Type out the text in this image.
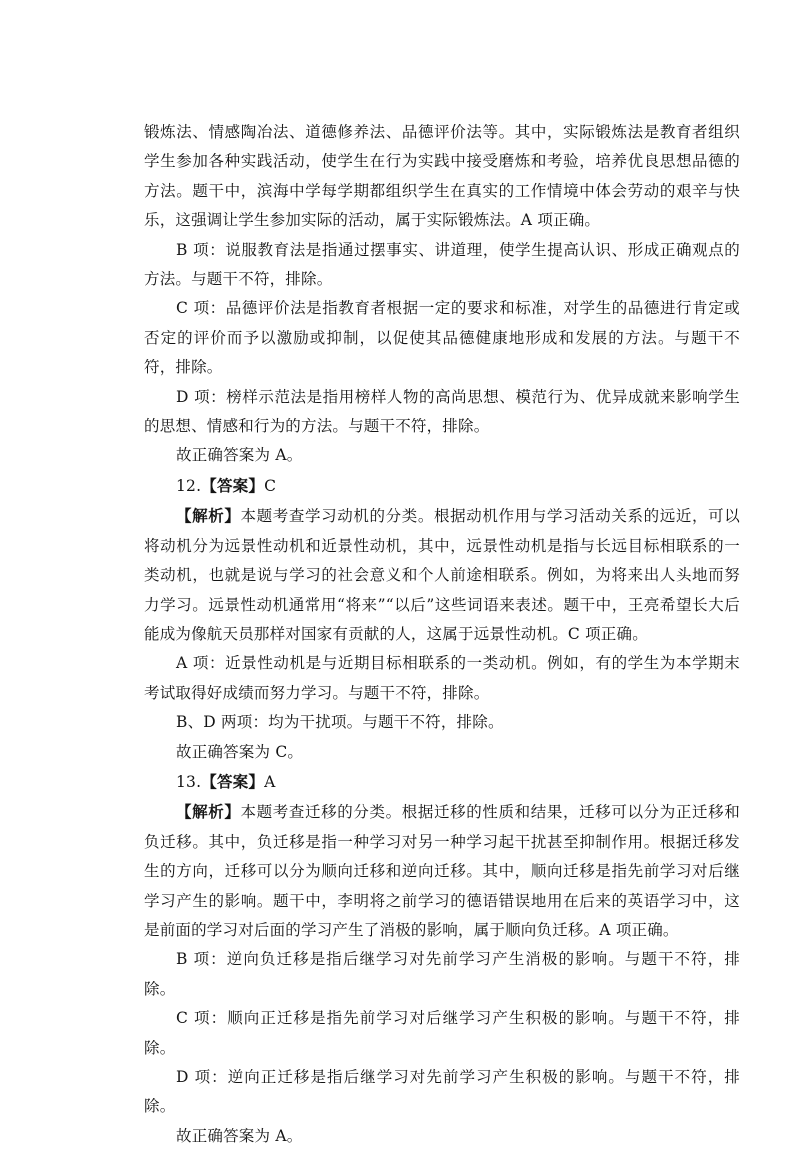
锻炼法、情感陶冶法、道德修养法、品德评价法等。其中，实际锻炼法是教育者组织学生参加各种实践活动，使学生在行为实践中接受磨炼和考验，培养优良思想品德的方法。题干中，滨海中学每学期都组织学生在真实的工作情境中体会劳动的艰辛与快乐，这强调让学生参加实际的活动，属于实际锻炼法。A 项正确。

B 项：说服教育法是指通过摆事实、讲道理，使学生提高认识、形成正确观点的方法。与题干不符，排除。

C 项：品德评价法是指教育者根据一定的要求和标准，对学生的品德进行肯定或否定的评价而予以激励或抑制，以促使其品德健康地形成和发展的方法。与题干不符，排除。

D 项：榜样示范法是指用榜样人物的高尚思想、模范行为、优异成就来影响学生的思想、情感和行为的方法。与题干不符，排除。

故正确答案为 A。

12.【答案】C

【解析】本题考查学习动机的分类。根据动机作用与学习活动关系的远近，可以将动机分为远景性动机和近景性动机，其中，远景性动机是指与长远目标相联系的一类动机，也就是说与学习的社会意义和个人前途相联系。例如，为将来出人头地而努力学习。远景性动机通常用“将来”“以后”这些词语来表述。题干中，王亮希望长大后能成为像航天员那样对国家有贡献的人，这属于远景性动机。C 项正确。

A 项：近景性动机是与近期目标相联系的一类动机。例如，有的学生为本学期末考试取得好成绩而努力学习。与题干不符，排除。

B、D 两项：均为干扰项。与题干不符，排除。

故正确答案为 C。

13.【答案】A

【解析】本题考查迁移的分类。根据迁移的性质和结果，迁移可以分为正迁移和负迁移。其中，负迁移是指一种学习对另一种学习起干扰甚至抑制作用。根据迁移发生的方向，迁移可以分为顺向迁移和逆向迁移。其中，顺向迁移是指先前学习对后继学习产生的影响。题干中，李明将之前学习的德语错误地用在后来的英语学习中，这是前面的学习对后面的学习产生了消极的影响，属于顺向负迁移。A 项正确。

B 项：逆向负迁移是指后继学习对先前学习产生消极的影响。与题干不符，排除。

C 项：顺向正迁移是指先前学习对后继学习产生积极的影响。与题干不符，排除。

D 项：逆向正迁移是指后继学习对先前学习产生积极的影响。与题干不符，排除。

故正确答案为 A。
